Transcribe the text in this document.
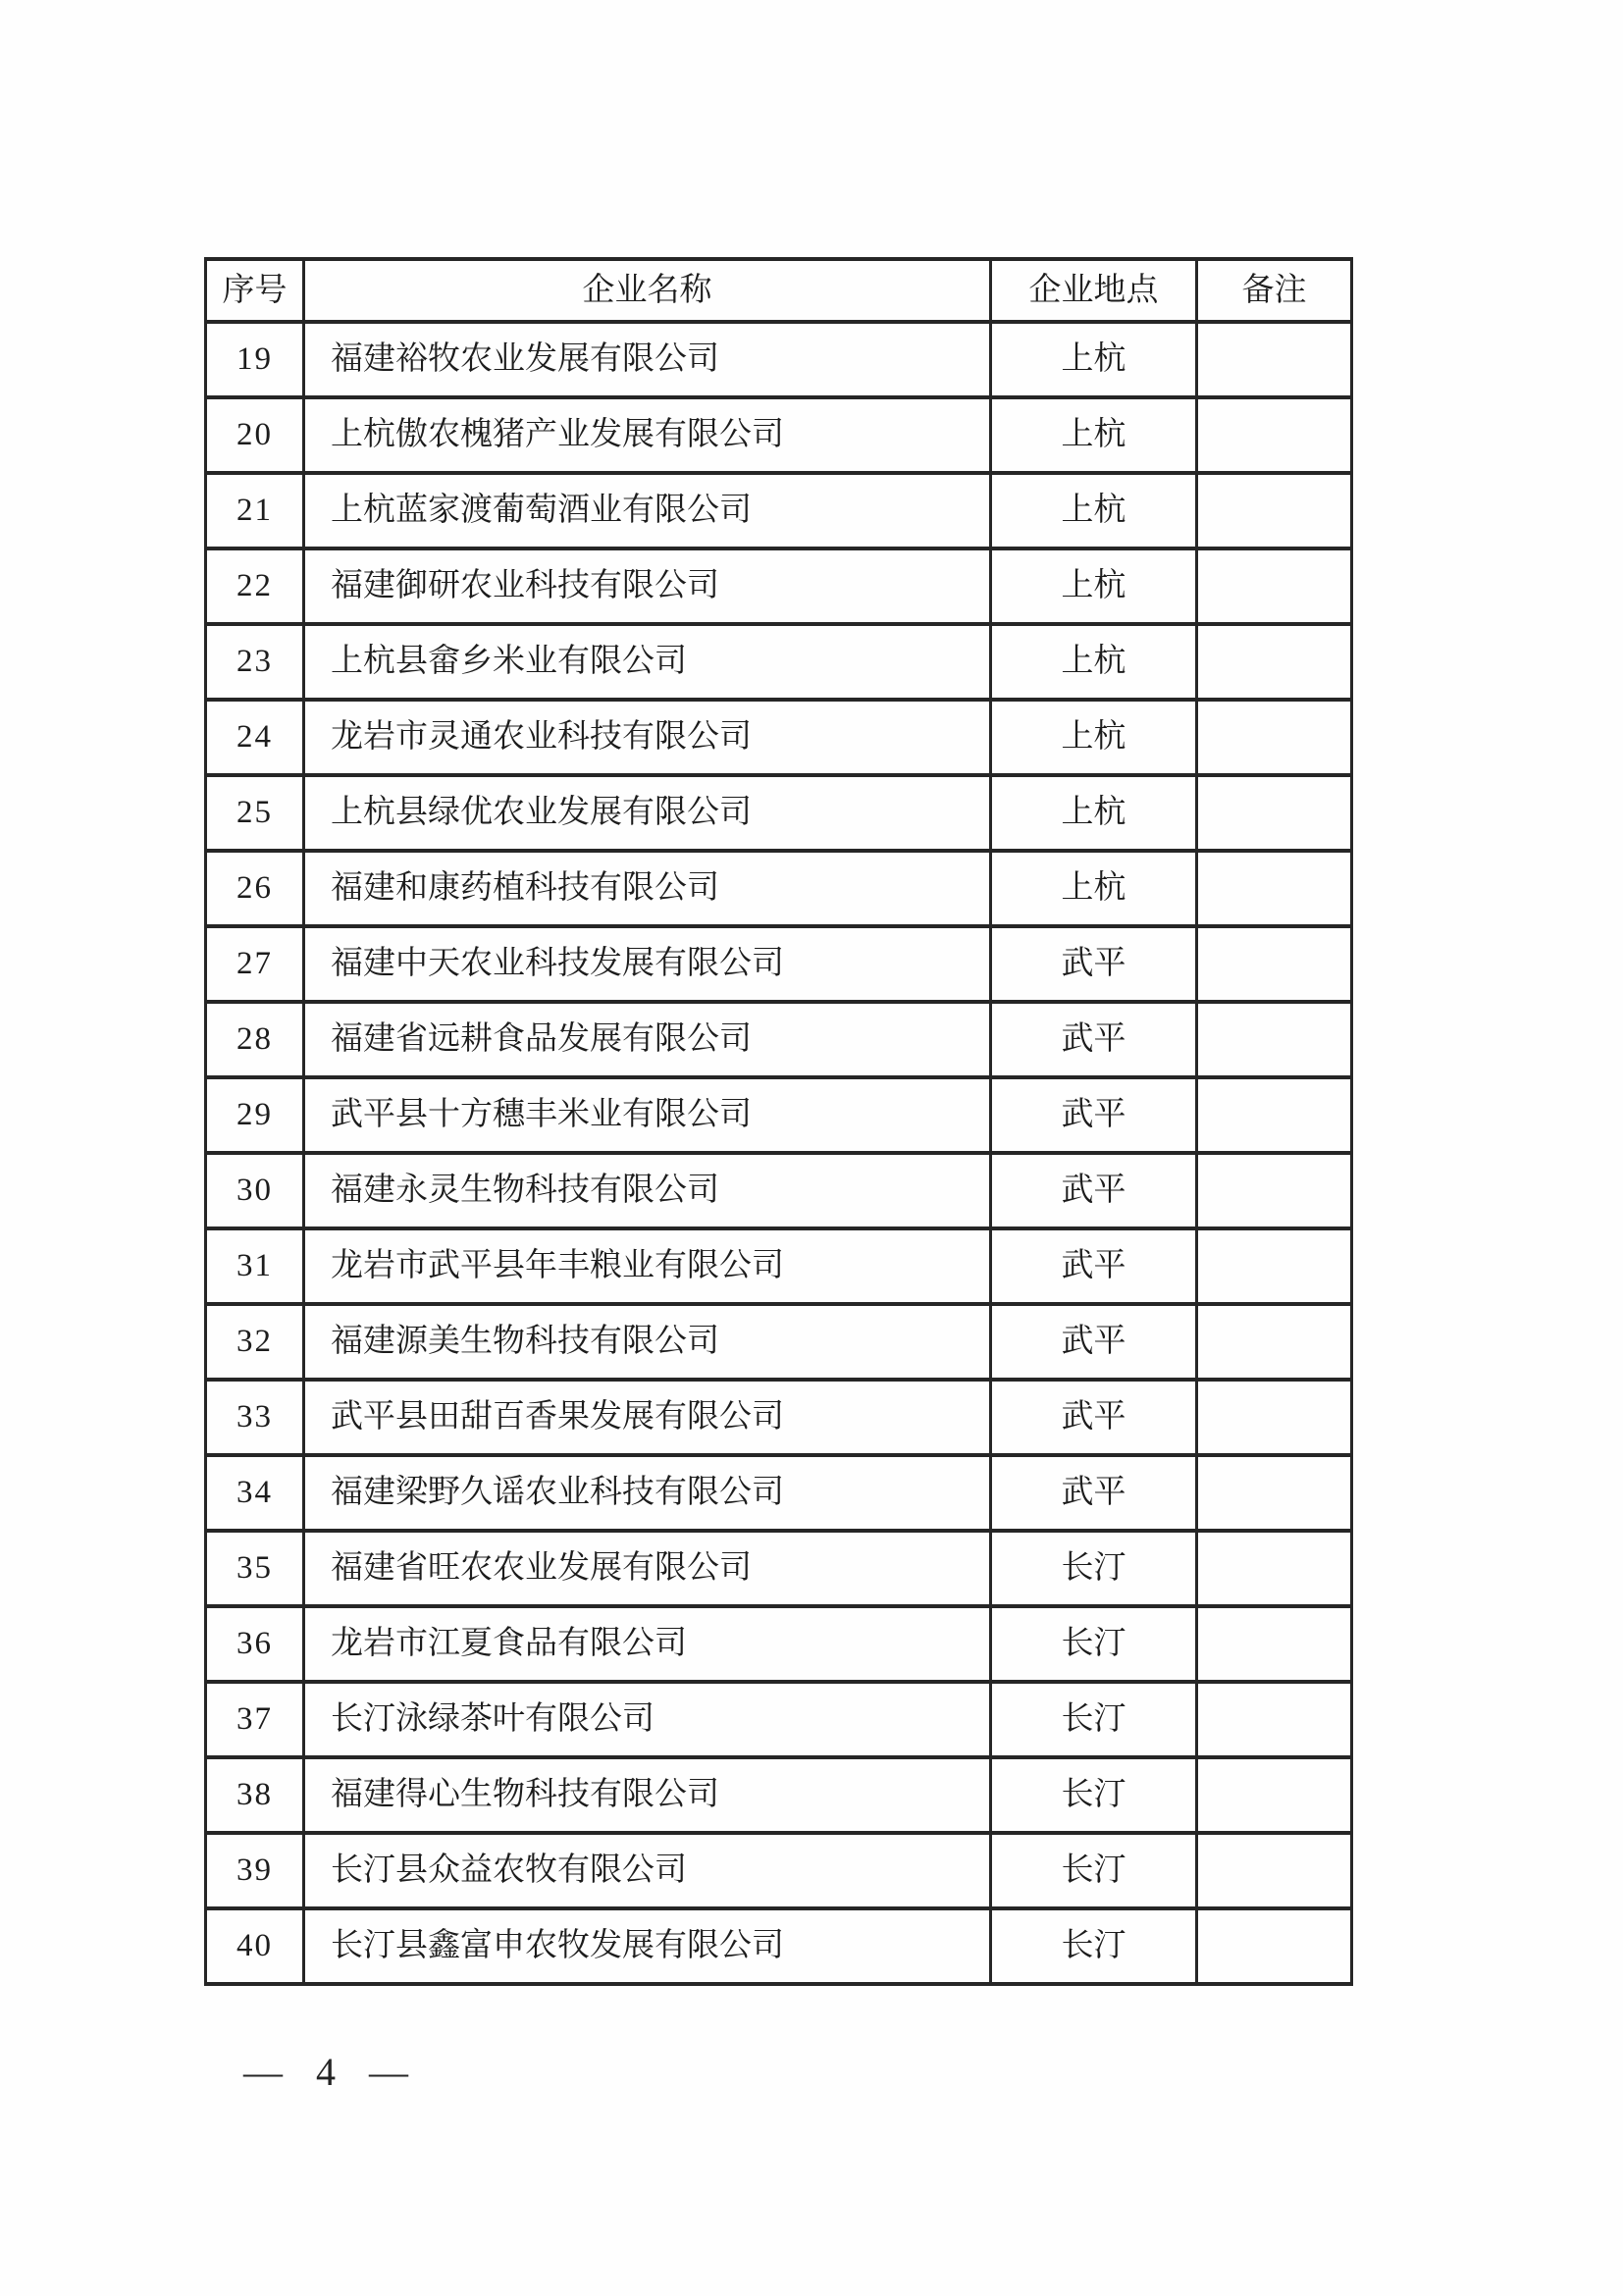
序号	企业名称	企业地点	备注
19	福建裕牧农业发展有限公司	上杭	
20	上杭傲农槐猪产业发展有限公司	上杭	
21	上杭蓝家渡葡萄酒业有限公司	上杭	
22	福建御研农业科技有限公司	上杭	
23	上杭县畲乡米业有限公司	上杭	
24	龙岩市灵通农业科技有限公司	上杭	
25	上杭县绿优农业发展有限公司	上杭	
26	福建和康药植科技有限公司	上杭	
27	福建中天农业科技发展有限公司	武平	
28	福建省远耕食品发展有限公司	武平	
29	武平县十方穗丰米业有限公司	武平	
30	福建永灵生物科技有限公司	武平	
31	龙岩市武平县年丰粮业有限公司	武平	
32	福建源美生物科技有限公司	武平	
33	武平县田甜百香果发展有限公司	武平	
34	福建梁野久谣农业科技有限公司	武平	
35	福建省旺农农业发展有限公司	长汀	
36	龙岩市江夏食品有限公司	长汀	
37	长汀泳绿茶叶有限公司	长汀	
38	福建得心生物科技有限公司	长汀	
39	长汀县众益农牧有限公司	长汀	
40	长汀县鑫富申农牧发展有限公司	长汀	
— 4 —
